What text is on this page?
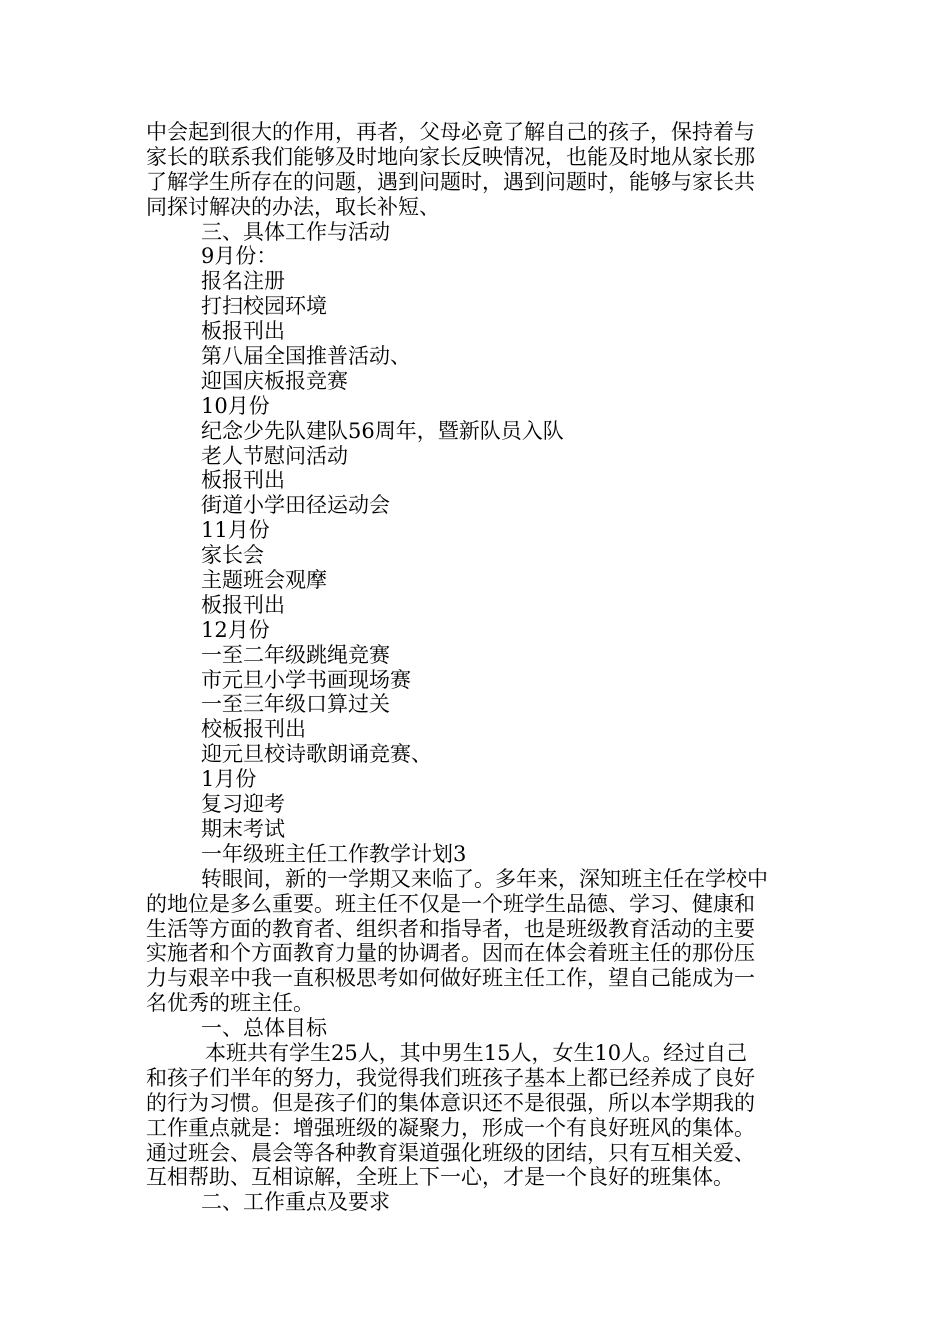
中会起到很大的作用，再者，父母必竟了解自己的孩子，保持着与
家长的联系我们能够及时地向家长反映情况，也能及时地从家长那
了解学生所存在的问题，遇到问题时，遇到问题时，能够与家长共
同探讨解决的办法，取长补短、
三、具体工作与活动
9月份：
报名注册
打扫校园环境
板报刊出
第八届全国推普活动、
迎国庆板报竞赛
10月份
纪念少先队建队56周年，暨新队员入队
老人节慰问活动
板报刊出
街道小学田径运动会
11月份
家长会
主题班会观摩
板报刊出
12月份
一至二年级跳绳竞赛
市元旦小学书画现场赛
一至三年级口算过关
校板报刊出
迎元旦校诗歌朗诵竞赛、
1月份
复习迎考
期末考试
一年级班主任工作教学计划3
转眼间，新的一学期又来临了。多年来，深知班主任在学校中
的地位是多么重要。班主任不仅是一个班学生品德、学习、健康和
生活等方面的教育者、组织者和指导者，也是班级教育活动的主要
实施者和个方面教育力量的协调者。因而在体会着班主任的那份压
力与艰辛中我一直积极思考如何做好班主任工作，望自己能成为一
名优秀的班主任。
一、总体目标
本班共有学生25人，其中男生15人，女生10人。经过自己
和孩子们半年的努力，我觉得我们班孩子基本上都已经养成了良好
的行为习惯。但是孩子们的集体意识还不是很强，所以本学期我的
工作重点就是：增强班级的凝聚力，形成一个有良好班风的集体。
通过班会、晨会等各种教育渠道强化班级的团结，只有互相关爱、
互相帮助、互相谅解，全班上下一心，才是一个良好的班集体。
二、工作重点及要求
